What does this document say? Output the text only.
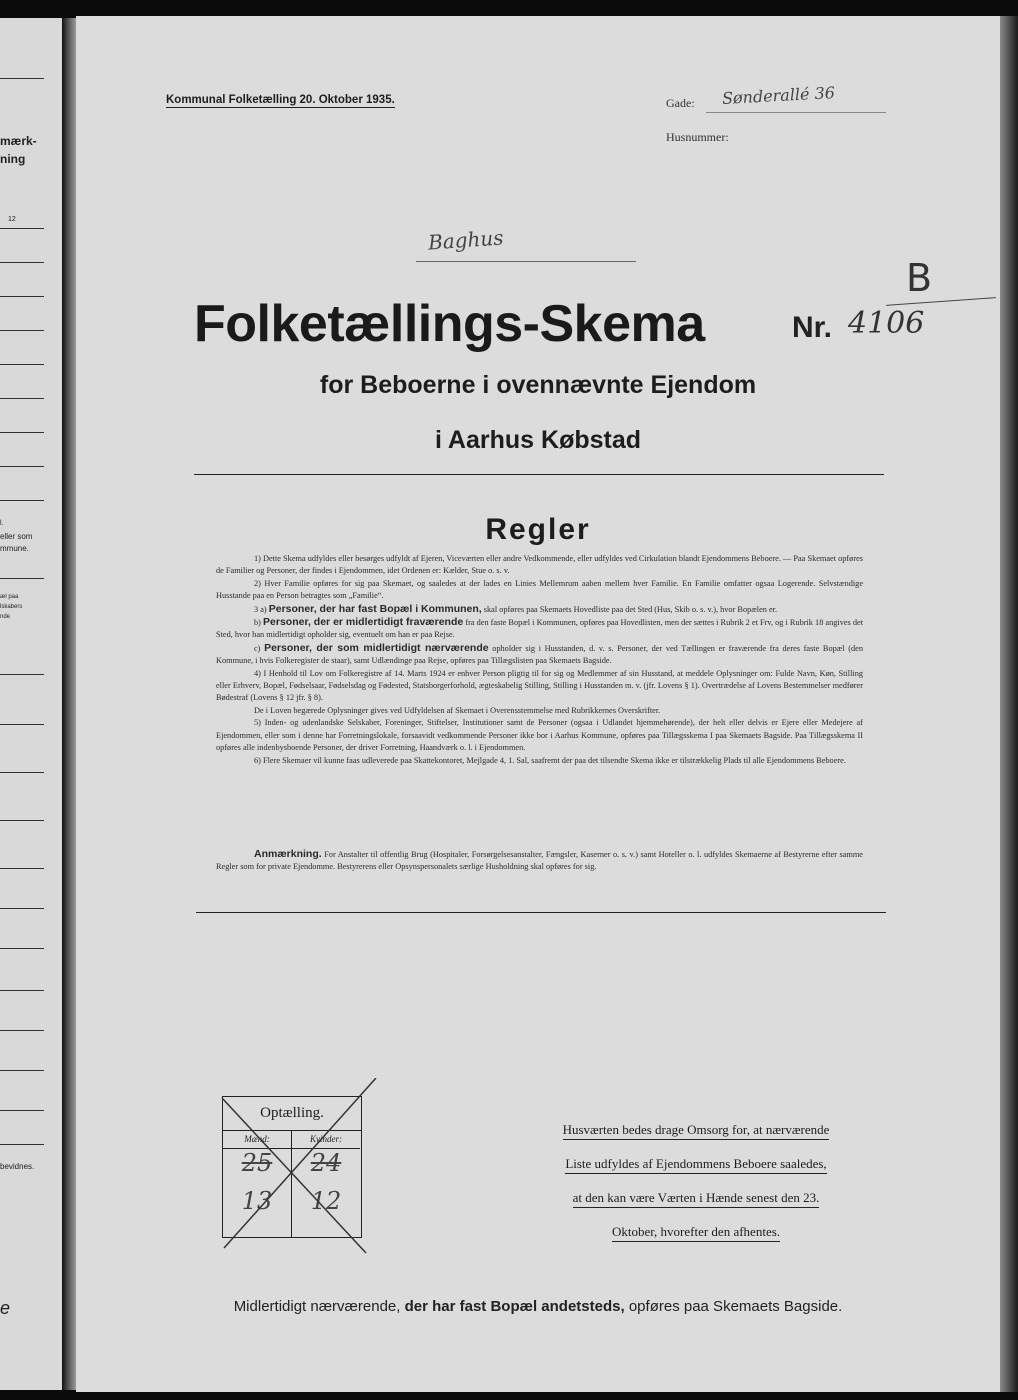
mærk-
ning
12
l.
eller som
mmune.
æl paa
lskabers
nde
bevidnes.
e
Kommunal Folketælling 20. Oktober 1935.	Gade: Sønderallé 36
Husnummer:
Baghus
B
Folketællings-Skema	Nr. 4106
for Beboerne i ovennævnte Ejendom
i Aarhus Købstad
Regler

1) Dette Skema udfyldes eller besørges udfyldt af Ejeren, Viceværten eller andre Vedkommende, eller udfyldes ved Cirkulation blandt Ejendommens Beboere. — Paa Skemaet opføres de Familier og Personer, der findes i Ejendommen, idet Ordenen er: Kælder, Stue o. s. v.

2) Hver Familie opføres for sig paa Skemaet, og saaledes at der lades en Linies Mellemrum aaben mellem hver Familie. En Familie omfatter ogsaa Logerende. Selvstændige Husstande paa en Person betragtes som „Familie“.

3 a) Personer, der har fast Bopæl i Kommunen, skal opføres paa Skemaets Hovedliste paa det Sted (Hus, Skib o. s. v.), hvor Bopælen er.

b) Personer, der er midlertidigt fraværende fra den faste Bopæl i Kommunen, opføres paa Hovedlisten, men der sættes i Rubrik 2 et Frv, og i Rubrik 18 angives det Sted, hvor han midlertidigt opholder sig, eventuelt om han er paa Rejse.

c) Personer, der som midlertidigt nærværende opholder sig i Husstanden, d. v. s. Personer, der ved Tællingen er fraværende fra deres faste Bopæl (den Kommune, i hvis Folkeregister de staar), samt Udlændinge paa Rejse, opføres paa Tillægslisten paa Skemaets Bagside.

4) I Henhold til Lov om Folkeregistre af 14. Marts 1924 er enhver Person pligtig til for sig og Medlemmer af sin Husstand, at meddele Oplysninger om: Fulde Navn, Køn, Stilling eller Erhverv, Bopæl, Fødselsaar, Fødselsdag og Fødested, Statsborgerforhold, ægteskabelig Stilling, Stilling i Husstanden m. v. (jfr. Lovens § 1). Overtrædelse af Lovens Bestemmelser medfører Bødestraf (Lovens § 12 jfr. § 8).

De i Loven begærede Oplysninger gives ved Udfyldelsen af Skemaet i Overensstemmelse med Rubrikkernes Overskrifter.

5) Inden- og udenlandske Selskaber, Foreninger, Stiftelser, Institutioner samt de Personer (ogsaa i Udlandet hjemmehørende), der helt eller delvis er Ejere eller Medejere af Ejendommen, eller som i denne har Forretningslokale, forsaavidt vedkommende Personer ikke bor i Aarhus Kommune, opføres paa Tillægsskema I paa Skemaets Bagside. Paa Tillægsskema II opføres alle indenbysboende Personer, der driver Forretning, Haandværk o. l. i Ejendommen.

6) Flere Skemaer vil kunne faas udleverede paa Skattekontoret, Mejlgade 4, 1. Sal, saafremt der paa det tilsendte Skema ikke er tilstrækkelig Plads til alle Ejendommens Beboere.

Anmærkning. For Anstalter til offentlig Brug (Hospitaler, Forsørgelsesanstalter, Fængsler, Kaserner o. s. v.) samt Hoteller o. l. udfyldes Skemaerne af Bestyrerne efter samme Regler som for private Ejendomme. Bestyrerens eller Opsynspersonalets særlige Husholdning skal opføres for sig.

Optælling.
Mænd:	Kvinder:
25	24
13	12
Husværten bedes drage Omsorg for, at nærværende
Liste udfyldes af Ejendommens Beboere saaledes,
at den kan være Værten i Hænde senest den 23.
Oktober, hvorefter den afhentes.
Midlertidigt nærværende, der har fast Bopæl andetsteds, opføres paa Skemaets Bagside.
